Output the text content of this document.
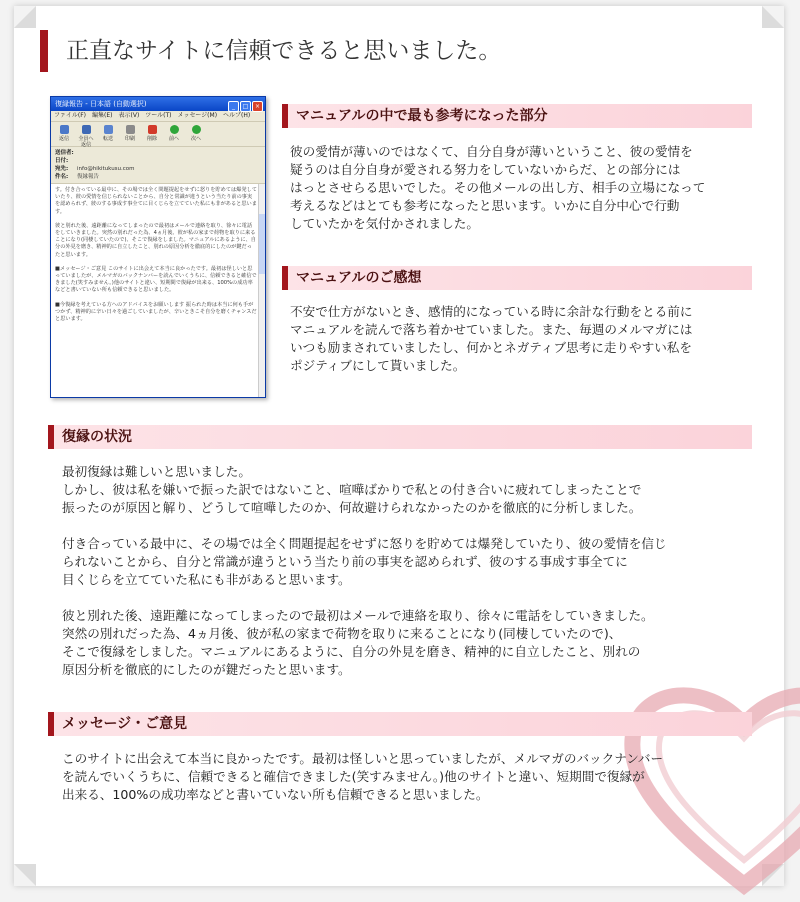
正直なサイトに信頼できると思いました。
復縁報告 - 日本語 (自動選択)	_ □ ×
ファイル(F) 編集(E) 表示(V) ツール(T) メッセージ(M) ヘルプ(H)
返信	全員へ返信
転送	印刷	削除	前へ	次へ
送信者:
日付:
宛先: info@hikitukusu.com
件名: 復縁報告

す。付き合っている最中に、その場では全く問題提起をせずに怒りを貯めては爆発していたり、彼の愛情を信じられないことから、自分と常識が違うという当たり前の事実を認められず、彼のする事成す事全てに目くじらを立てていた私にも非があると思います。

彼と別れた後、遠距離になってしまったので最初はメールで連絡を取り、徐々に電話をしていきました。突然の別れだった為、4ヵ月後、彼が私の家まで荷物を取りに来ることになり(同棲していたので)、そこで復縁をしました。マニュアルにあるように、自分の外見を磨き、精神的に自立したこと、別れの原因分析を徹底的にしたのが鍵だったと思います。

■メッセージ・ご意見 このサイトに出会えて本当に良かったです。最初は怪しいと思っていましたが、メルマガのバックナンバーを読んでいくうちに、信頼できると確信できました(笑すみません。)他のサイトと違い、短期間で復縁が出来る、100%の成功率などと書いていない所も信頼できると思いました。

■今復縁を考えている方へのアドバイスをお願いします 振られた時は本当に何も手がつかず、精神的に辛い日々を過ごしていましたが、辛いときこそ自分を磨くチャンスだと思います。

マニュアルの中で最も参考になった部分

彼の愛情が薄いのではなくて、自分自身が薄いということ、彼の愛情を
疑うのは自分自身が愛される努力をしていないからだ、との部分には
はっとさせらる思いでした。その他メールの出し方、相手の立場になって
考えるなどはとても参考になったと思います。いかに自分中心で行動
していたかを気付かされました。

マニュアルのご感想

不安で仕方がないとき、感情的になっている時に余計な行動をとる前に
マニュアルを読んで落ち着かせていました。また、毎週のメルマガには
いつも励まされていましたし、何かとネガティブ思考に走りやすい私を
ポジティブにして貰いました。

復縁の状況

最初復縁は難しいと思いました。
しかし、彼は私を嫌いで振った訳ではないこと、喧嘩ばかりで私との付き合いに疲れてしまったことで
振ったのが原因と解り、どうして喧嘩したのか、何故避けられなかったのかを徹底的に分析しました。

付き合っている最中に、その場では全く問題提起をせずに怒りを貯めては爆発していたり、彼の愛情を信じ
られないことから、自分と常識が違うという当たり前の事実を認められず、彼のする事成す事全てに
目くじらを立てていた私にも非があると思います。

彼と別れた後、遠距離になってしまったので最初はメールで連絡を取り、徐々に電話をしていきました。
突然の別れだった為、4ヵ月後、彼が私の家まで荷物を取りに来ることになり(同棲していたので)、
そこで復縁をしました。マニュアルにあるように、自分の外見を磨き、精神的に自立したこと、別れの
原因分析を徹底的にしたのが鍵だったと思います。

メッセージ・ご意見

このサイトに出会えて本当に良かったです。最初は怪しいと思っていましたが、メルマガのバックナンバー
を読んでいくうちに、信頼できると確信できました(笑すみません。)他のサイトと違い、短期間で復縁が
出来る、100%の成功率などと書いていない所も信頼できると思いました。
